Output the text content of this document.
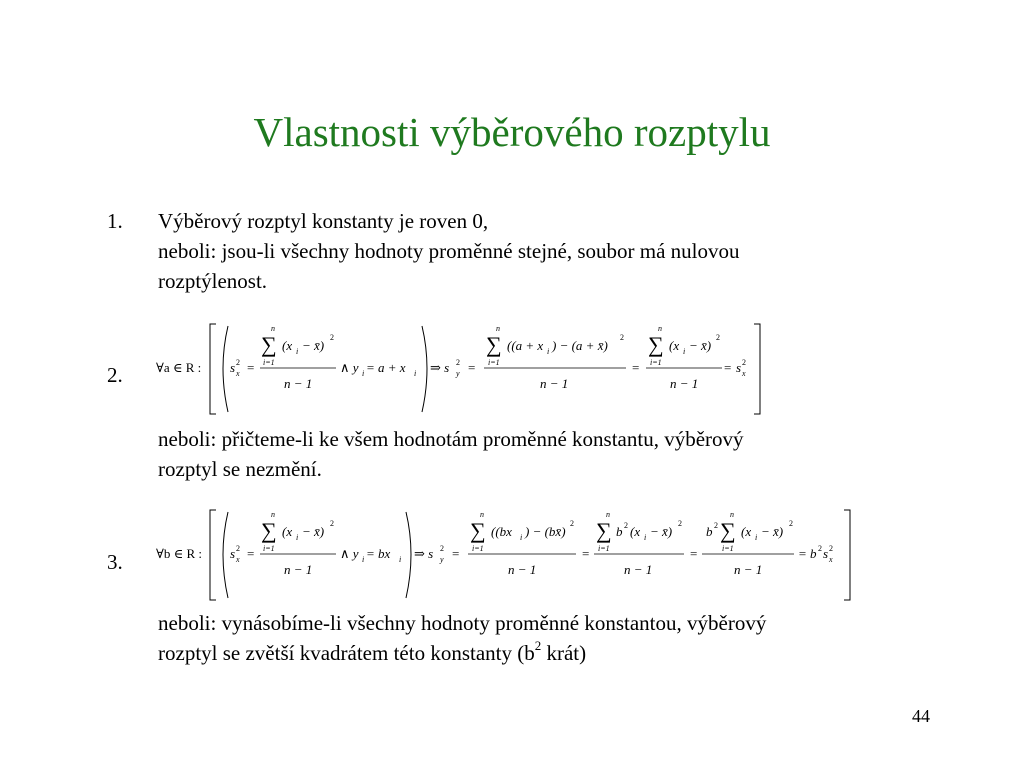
Vlastnosti výběrového rozptylu
1. Výběrový rozptyl konstanty je roven 0,
neboli: jsou-li všechny hodnoty proměnné stejné, soubor má nulovou
rozptýlenost.
2.	∀a ∈ R : s 2
x =
n
∑
i=1
(x i − x̄)
2
n − 1
∧ y i = a + x i ⇒ s 2
y =
n
∑
i=1
((a + x i ) − (a + x̄)
2
n − 1
=
n
∑
i=1
(x i − x̄)
2
n − 1
= s 2
x
neboli: přičteme-li ke všem hodnotám proměnné konstantu, výběrový
rozptyl se nezmění.
3.	∀b ∈ R : s 2
x =
n
∑
i=1
(x i − x̄)
2
n − 1
∧ y i = bx i ⇒ s 2
y =
n
∑
i=1
((bx i ) − (bx̄)
2
n − 1
=
n
∑
i=1
b 2 (x i − x̄)
2
n − 1
=
b 2
n
∑
i=1
(x i − x̄)
2
n − 1
= b 2 s 2
x
neboli: vynásobíme-li všechny hodnoty proměnné konstantou, výběrový
rozptyl se zvětší kvadrátem této konstanty ($b^2$ krát)
44
